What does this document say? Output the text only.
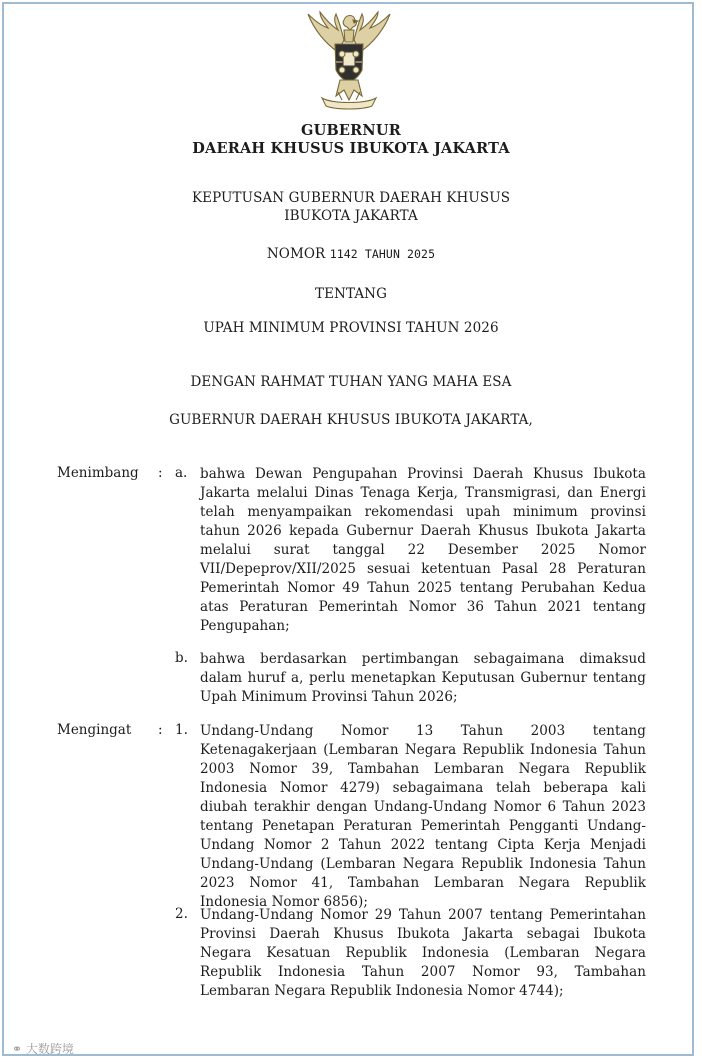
GUBERNUR
DAERAH KHUSUS IBUKOTA JAKARTA
KEPUTUSAN GUBERNUR DAERAH KHUSUS
IBUKOTA JAKARTA
NOMOR 1142 TAHUN 2025
TENTANG
UPAH MINIMUM PROVINSI TAHUN 2026
DENGAN RAHMAT TUHAN YANG MAHA ESA
GUBERNUR DAERAH KHUSUS IBUKOTA JAKARTA,
Menimbang : a. bahwa Dewan Pengupahan Provinsi Daerah Khusus Ibukota Jakarta melalui Dinas Tenaga Kerja, Transmigrasi, dan Energi telah menyampaikan rekomendasi upah minimum provinsi tahun 2026 kepada Gubernur Daerah Khusus Ibukota Jakarta melalui surat tanggal 22 Desember 2025 Nomor VII/Depeprov/XII/2025 sesuai ketentuan Pasal 28 Peraturan Pemerintah Nomor 49 Tahun 2025 tentang Perubahan Kedua atas Peraturan Pemerintah Nomor 36 Tahun 2021 tentang Pengupahan;

b. bahwa berdasarkan pertimbangan sebagaimana dimaksud dalam huruf a, perlu menetapkan Keputusan Gubernur tentang Upah Minimum Provinsi Tahun 2026;

Mengingat : 1. Undang-Undang Nomor 13 Tahun 2003 tentang Ketenagakerjaan (Lembaran Negara Republik Indonesia Tahun 2003 Nomor 39, Tambahan Lembaran Negara Republik Indonesia Nomor 4279) sebagaimana telah beberapa kali diubah terakhir dengan Undang-Undang Nomor 6 Tahun 2023 tentang Penetapan Peraturan Pemerintah Pengganti Undang-Undang Nomor 2 Tahun 2022 tentang Cipta Kerja Menjadi Undang-Undang (Lembaran Negara Republik Indonesia Tahun 2023 Nomor 41, Tambahan Lembaran Negara Republik Indonesia Nomor 6856);

2. Undang-Undang Nomor 29 Tahun 2007 tentang Pemerintahan Provinsi Daerah Khusus Ibukota Jakarta sebagai Ibukota Negara Kesatuan Republik Indonesia (Lembaran Negara Republik Indonesia Tahun 2007 Nomor 93, Tambahan Lembaran Negara Republik Indonesia Nomor 4744);

⚭ 大数跨境
